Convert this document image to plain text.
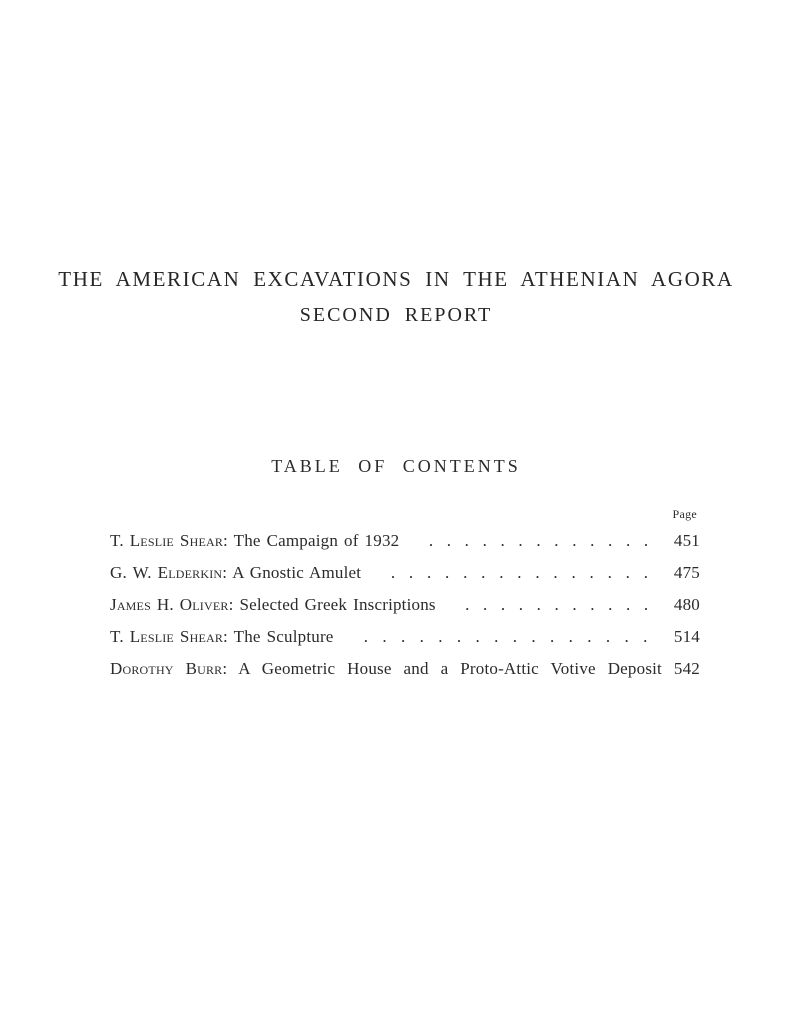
THE AMERICAN EXCAVATIONS IN THE ATHENIAN AGORA
SECOND REPORT
TABLE OF CONTENTS
Page
T. Leslie Shear: The Campaign of 1932 . . . . . . . . . . . . . 451
G. W. Elderkin: A Gnostic Amulet . . . . . . . . . . . . . . . 475
James H. Oliver: Selected Greek Inscriptions . . . . . . . . . . . 480
T. Leslie Shear: The Sculpture . . . . . . . . . . . . . . . . 514
Dorothy Burr: A Geometric House and a Proto-Attic Votive Deposit 542
